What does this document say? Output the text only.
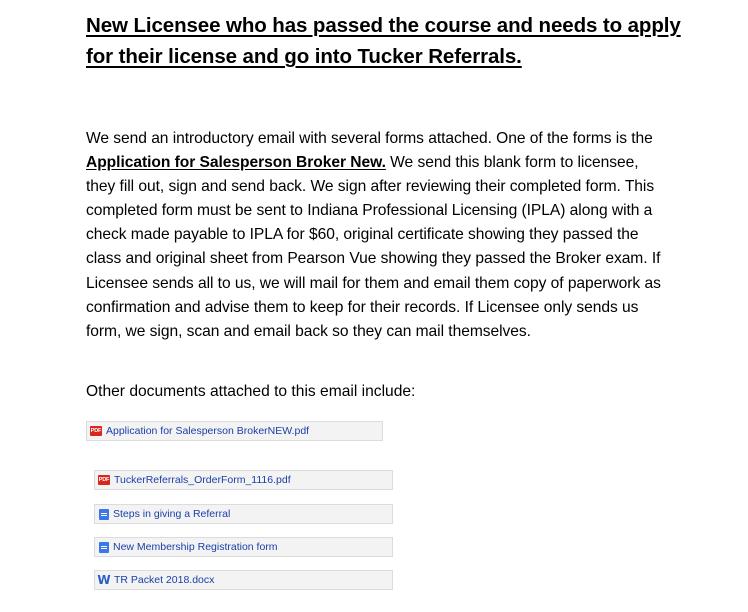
New Licensee who has passed the course and needs to apply for their license and go into Tucker Referrals.
We send an introductory email with several forms attached. One of the forms is the Application for Salesperson Broker New. We send this blank form to licensee, they fill out, sign and send back. We sign after reviewing their completed form. This completed form must be sent to Indiana Professional Licensing (IPLA) along with a check made payable to IPLA for $60, original certificate showing they passed the class and original sheet from Pearson Vue showing they passed the Broker exam. If Licensee sends all to us, we will mail for them and email them copy of paperwork as confirmation and advise them to keep for their records. If Licensee only sends us form, we sign, scan and email back so they can mail themselves.
Other documents attached to this email include:
PDF Application for Salesperson BrokerNEW.pdf
PDF TuckerReferrals_OrderForm_1116.pdf
Steps in giving a Referral
New Membership Registration form
W TR Packet 2018.docx
